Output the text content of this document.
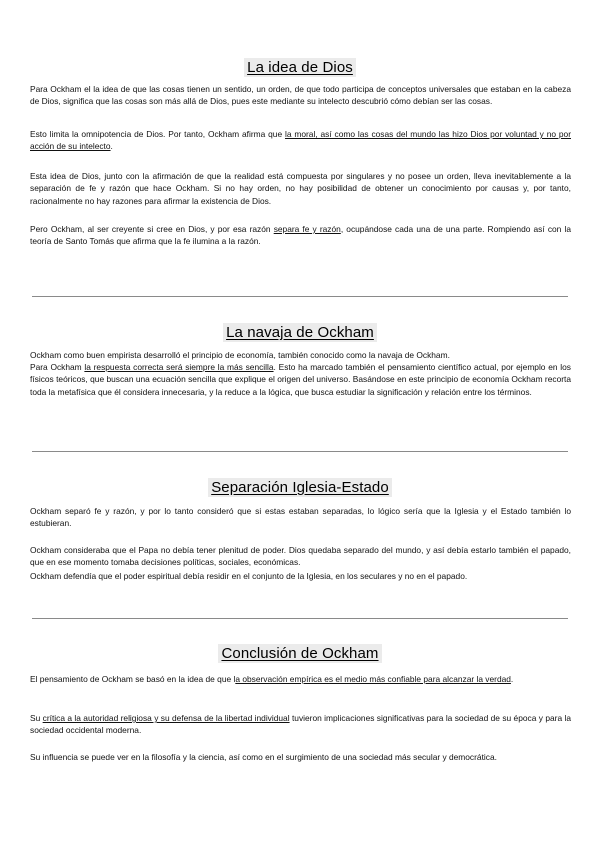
La idea de Dios

Para Ockham el la idea de que las cosas tienen un sentido, un orden, de que todo participa de conceptos universales que estaban en la cabeza de Dios, significa que las cosas son más allá de Dios, pues este mediante su intelecto descubrió cómo debían ser las cosas.

Esto limita la omnipotencia de Dios. Por tanto, Ockham afirma que la moral, así como las cosas del mundo las hizo Dios por voluntad y no por acción de su intelecto.

Esta idea de Dios, junto con la afirmación de que la realidad está compuesta por singulares y no posee un orden, lleva inevitablemente a la separación de fe y razón que hace Ockham. Si no hay orden, no hay posibilidad de obtener un conocimiento por causas y, por tanto, racionalmente no hay razones para afirmar la existencia de Dios.

Pero Ockham, al ser creyente si cree en Dios, y por esa razón separa fe y razón, ocupándose cada una de una parte. Rompiendo así con la teoría de Santo Tomás que afirma que la fe ilumina a la razón.

La navaja de Ockham

Ockham como buen empirista desarrolló el principio de economía, también conocido como la navaja de Ockham.

Para Ockham la respuesta correcta será siempre la más sencilla. Esto ha marcado también el pensamiento científico actual, por ejemplo en los físicos teóricos, que buscan una ecuación sencilla que explique el origen del universo. Basándose en este principio de economía Ockham recorta toda la metafísica que él considera innecesaria, y la reduce a la lógica, que busca estudiar la significación y relación entre los términos.

Separación Iglesia-Estado

Ockham separó fe y razón, y por lo tanto consideró que si estas estaban separadas, lo lógico sería que la Iglesia y el Estado también lo estubieran.

Ockham consideraba que el Papa no debía tener plenitud de poder. Dios quedaba separado del mundo, y así debía estarlo también el papado, que en ese momento tomaba decisiones políticas, sociales, económicas.

Ockham defendía que el poder espiritual debía residir en el conjunto de la Iglesia, en los seculares y no en el papado.

Conclusión de Ockham

El pensamiento de Ockham se basó en la idea de que la observación empírica es el medio más confiable para alcanzar la verdad.

Su crítica a la autoridad religiosa y su defensa de la libertad individual tuvieron implicaciones significativas para la sociedad de su época y para la sociedad occidental moderna.

Su influencia se puede ver en la filosofía y la ciencia, así como en el surgimiento de una sociedad más secular y democrática.
